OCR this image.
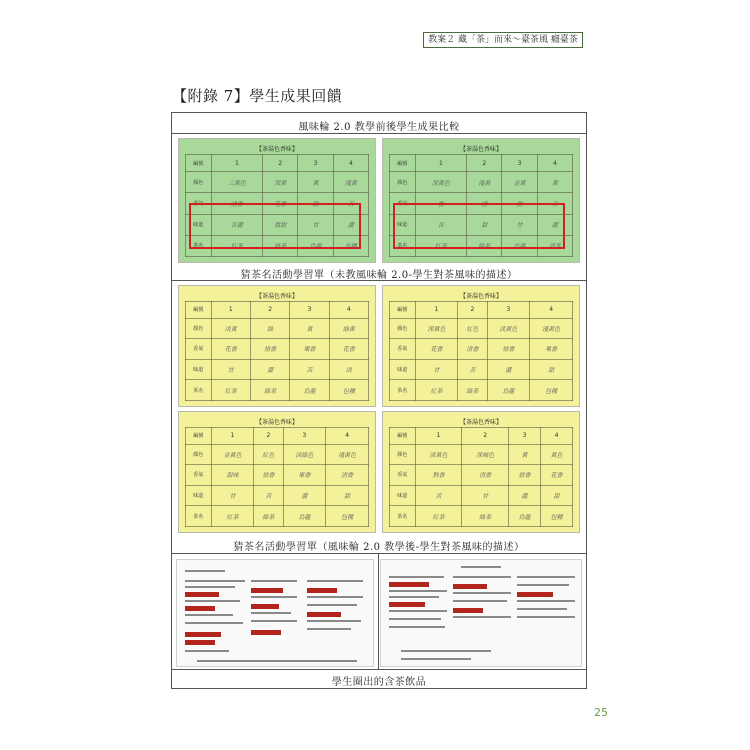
教案２ 藏「茶」而來～臺茶風 癮臺茶
【附錄 7】學生成果回饋
風味輪 2.0 教學前後學生成果比較
【茶湯色香味】
編號	1	2	3	4
顏色	三黃色	深黃	黃	淺黃
香氣	清香	花香	甜	苦
味道	苦澀	微甜	甘	澀
茶名	紅茶	綠茶	烏龍	包種
【茶湯色香味】
編號	1	2	3	4
顏色	深黃色	淺黃	金黃	黃
香氣	香	清	甜	苦
味道	苦	甜	甘	澀
茶名	紅茶	綠茶	烏龍	清茶
猜茶名活動學習單（未教風味輪 2.0-學生對茶風味的描述）
【茶湯色香味】
編號	1	2	3	4
顏色	淡黃	綠	黃	綠黃
香氣	花香	焙香	果香	花香
味道	甘	澀	苦	淡
茶名	紅茶	綠茶	烏龍	包種
【茶湯色香味】
編號	1	2	3	4
顏色	深黃色	紅色	淡黃色	淺黃色
香氣	花香	清香	焙香	果香
味道	甘	苦	澀	甜
茶名	紅茶	綠茶	烏龍	包種
【茶湯色香味】
編號	1	2	3	4
顏色	金黃色	紅色	淡綠色	淺黃色
香氣	甜味	焙香	果香	清香
味道	甘	苦	澀	甜
茶名	紅茶	綠茶	烏龍	包種
【茶湯色香味】
編號	1	2	3	4
顏色	淡黃色	深褐色	黃	黃色
香氣	熟香	清香	焙香	花香
味道	苦	甘	澀	甜
茶名	紅茶	綠茶	烏龍	包種
猜茶名活動學習單（風味輪 2.0 教學後-學生對茶風味的描述）
學生圈出的含茶飲品
25
